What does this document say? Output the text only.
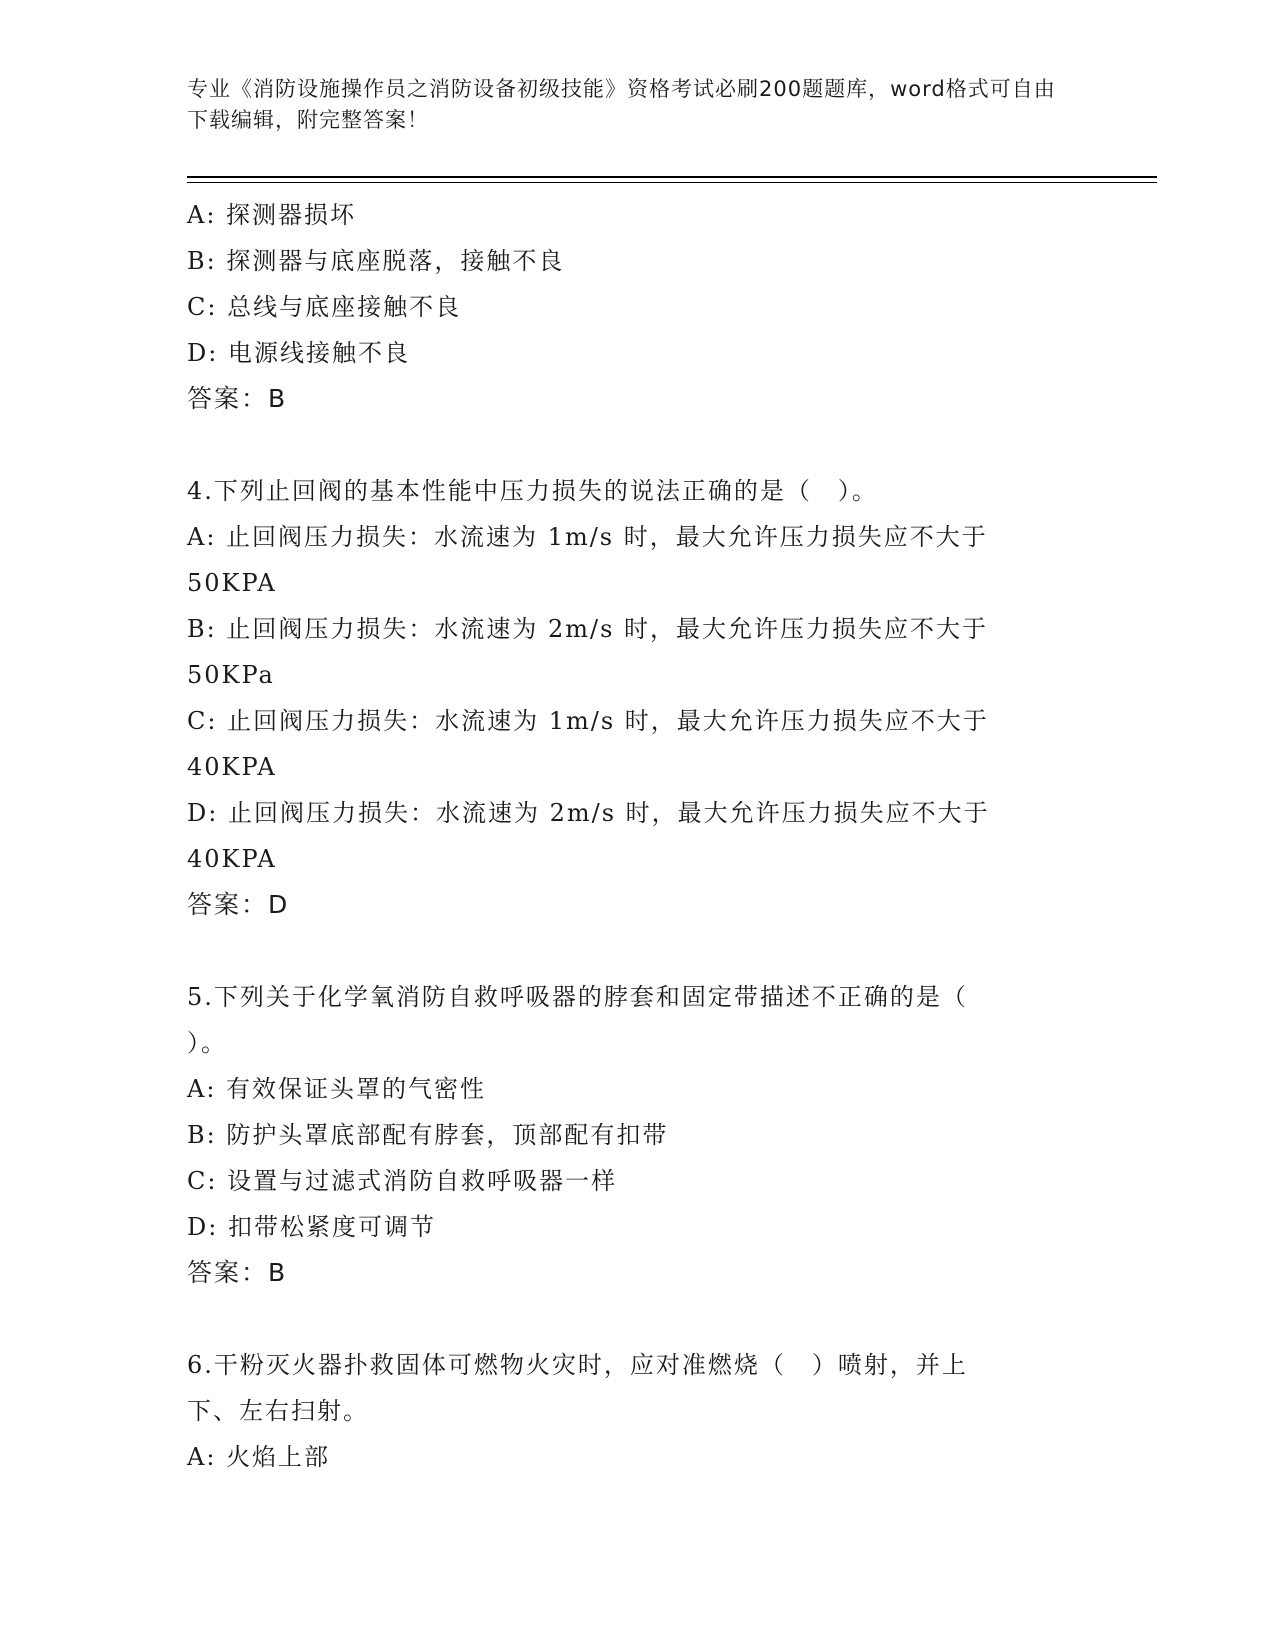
专业《消防设施操作员之消防设备初级技能》资格考试必刷200题题库，word格式可自由下载编辑，附完整答案！
A: 探测器损坏
B: 探测器与底座脱落，接触不良
C: 总线与底座接触不良
D: 电源线接触不良
答案：B
4.下列止回阀的基本性能中压力损失的说法正确的是（　）。
A: 止回阀压力损失：水流速为 1m/s 时，最大允许压力损失应不大于
50KPA
B: 止回阀压力损失：水流速为 2m/s 时，最大允许压力损失应不大于
50KPa
C: 止回阀压力损失：水流速为 1m/s 时，最大允许压力损失应不大于
40KPA
D: 止回阀压力损失：水流速为 2m/s 时，最大允许压力损失应不大于
40KPA
答案：D
5.下列关于化学氧消防自救呼吸器的脖套和固定带描述不正确的是（
）。
A: 有效保证头罩的气密性
B: 防护头罩底部配有脖套，顶部配有扣带
C: 设置与过滤式消防自救呼吸器一样
D: 扣带松紧度可调节
答案：B
6.干粉灭火器扑救固体可燃物火灾时，应对准燃烧（　）喷射，并上
下、左右扫射。
A: 火焰上部
